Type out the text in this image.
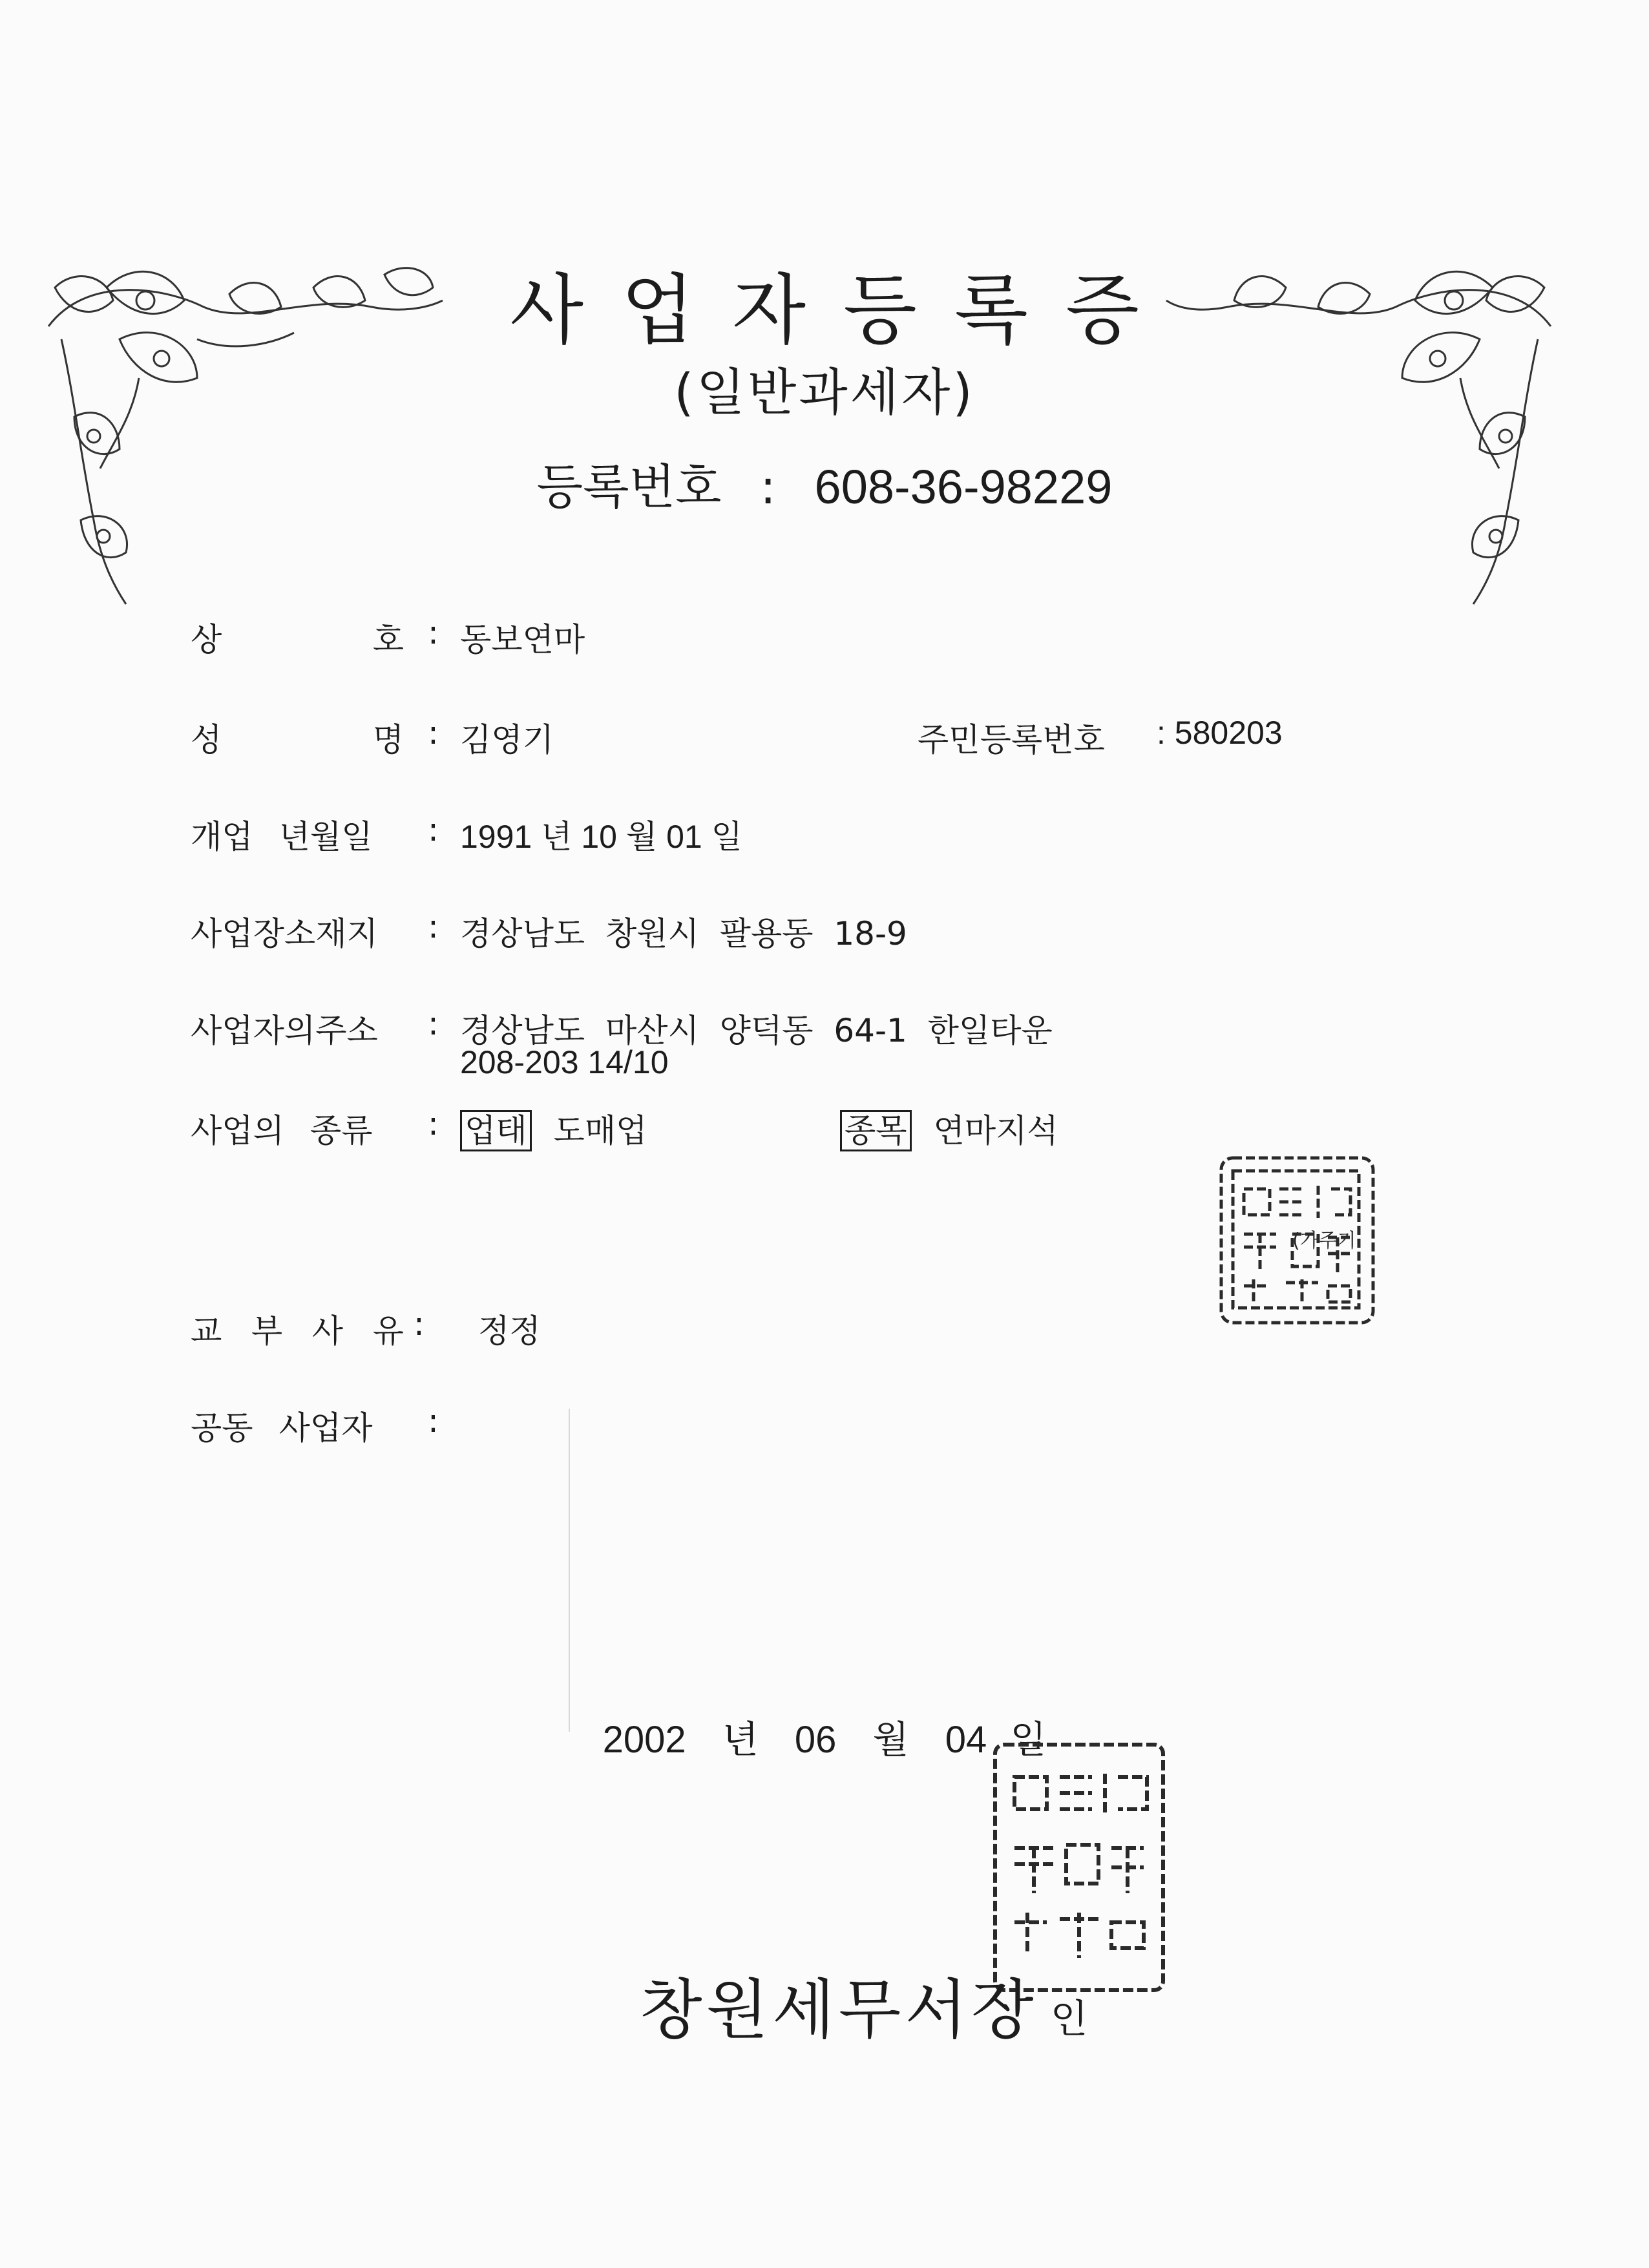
사업자등록증
(일반과세자)
등록번호 : 608-36-98229
상	호 : 동보연마
성	명 : 김영기	주민등록번호 : 580203
개업 년월일 : 1991 년 10 월 01 일
사업장소재지	: 경상남도  창원시  팔용동  18-9
사업자의주소	: 경상남도  마산시  양덕동  64-1  한일타운
208-203 14/10
사업의 종류 : 업태 도매업	종목 연마지석
교 부 사 유 : 정정
공동 사업자 :
(가주기
2002 년 06 월 04 일
창원세무서장 인
